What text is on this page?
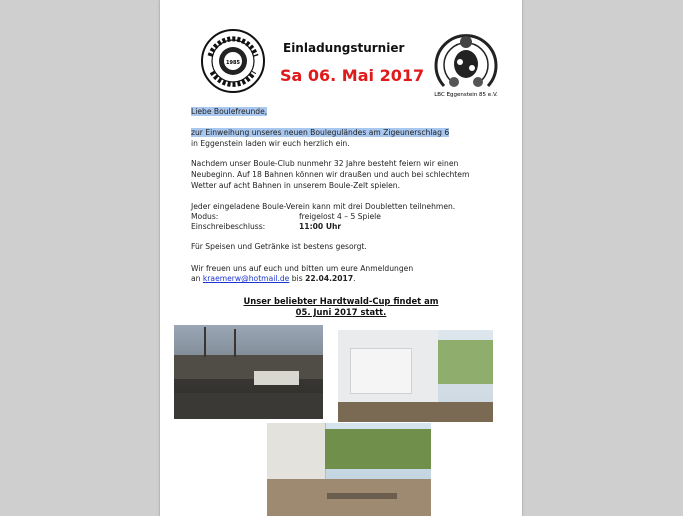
1985
Einladungsturnier
Sa 06. Mai 2017
LBC Eggenstein 85 e.V.
Liebe Boulefreunde,
zur Einweihung unseres neuen Bouleguländes am Zigeunerschlag 6
in Eggenstein laden wir euch herzlich ein.
Nachdem unser Boule-Club nunmehr 32 Jahre besteht feiern wir einen
Neubeginn. Auf 18 Bahnen können wir draußen und auch bei schlechtem
Wetter auf acht Bahnen in unserem Boule-Zelt spielen.
Jeder eingeladene Boule-Verein kann mit drei Doubletten teilnehmen.
Modus:	freigelost 4 – 5 Spiele
Einschreibeschluss:	11:00 Uhr
Für Speisen und Getränke ist bestens gesorgt.
Wir freuen uns auf euch und bitten um eure Anmeldungen
an kraemerw@hotmail.de bis 22.04.2017.
Unser beliebter Hardtwald-Cup findet am
05. Juni 2017 statt.
